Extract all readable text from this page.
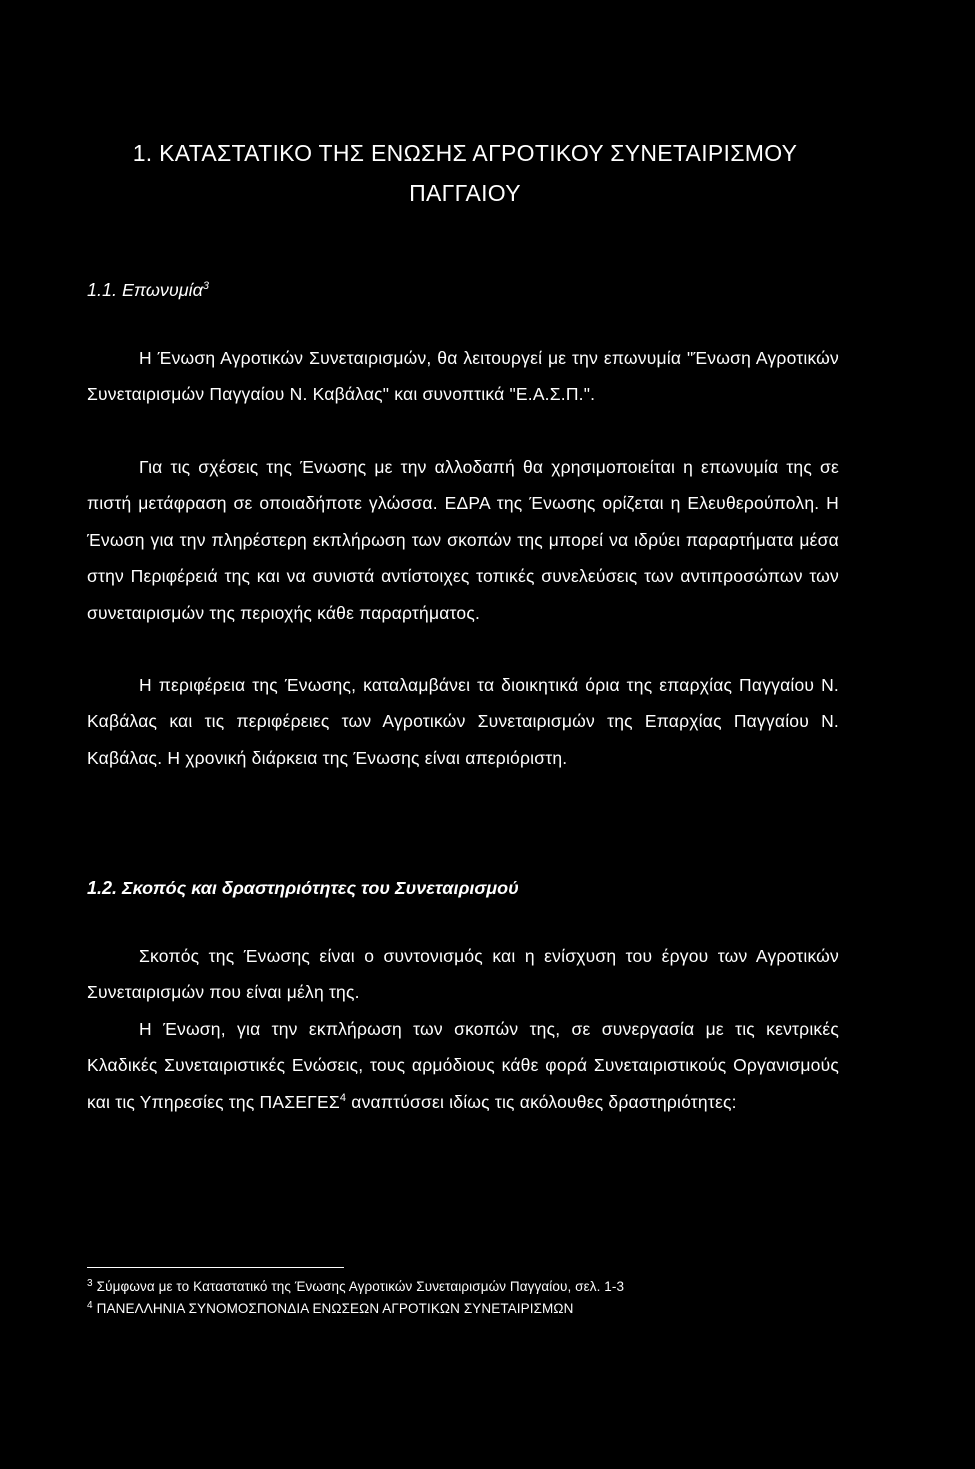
1. ΚΑΤΑΣΤΑΤΙΚΟ ΤΗΣ ΕΝΩΣΗΣ ΑΓΡΟΤΙΚΟΥ ΣΥΝΕΤΑΙΡΙΣΜΟΥ
ΠΑΓΓΑΙΟΥ
1.1. Επωνυμία$^3$

Η Ένωση Αγροτικών Συνεταιρισμών, θα λειτουργεί με την επωνυμία "Ένωση Αγροτικών Συνεταιρισμών Παγγαίου Ν. Καβάλας" και συνοπτικά "Ε.Α.Σ.Π.".

Για τις σχέσεις της Ένωσης με την αλλοδαπή θα χρησιμοποιείται η επωνυμία της σε πιστή μετάφραση σε οποιαδήποτε γλώσσα. ΕΔΡΑ της Ένωσης ορίζεται η Ελευθερούπολη. Η Ένωση για την πληρέστερη εκπλήρωση των σκοπών της μπορεί να ιδρύει παραρτήματα μέσα στην Περιφέρειά της και να συνιστά αντίστοιχες τοπικές συνελεύσεις των αντιπροσώπων των συνεταιρισμών της περιοχής κάθε παραρτήματος.

Η περιφέρεια της Ένωσης, καταλαμβάνει τα διοικητικά όρια της επαρχίας Παγγαίου Ν. Καβάλας και τις περιφέρειες των Αγροτικών Συνεταιρισμών της Επαρχίας Παγγαίου Ν. Καβάλας. Η χρονική διάρκεια της Ένωσης είναι απεριόριστη.

1.2. Σκοπός και δραστηριότητες του Συνεταιρισμού

Σκοπός της Ένωσης είναι ο συντονισμός και η ενίσχυση του έργου των Αγροτικών Συνεταιρισμών που είναι μέλη της.

Η Ένωση, για την εκπλήρωση των σκοπών της, σε συνεργασία με τις κεντρικές Κλαδικές Συνεταιριστικές Ενώσεις, τους αρμόδιους κάθε φορά Συνεταιριστικούς Οργανισμούς και τις Υπηρεσίες της ΠΑΣΕΓΕΣ$^4$ αναπτύσσει ιδίως τις ακόλουθες δραστηριότητες:

$^3$ Σύμφωνα με το Καταστατικό της Ένωσης Αγροτικών Συνεταιρισμών Παγγαίου, σελ. 1-3

$^4$ ΠΑΝΕΛΛΗΝΙΑ ΣΥΝΟΜΟΣΠΟΝΔΙΑ ΕΝΩΣΕΩΝ ΑΓΡΟΤΙΚΩΝ ΣΥΝΕΤΑΙΡΙΣΜΩΝ
